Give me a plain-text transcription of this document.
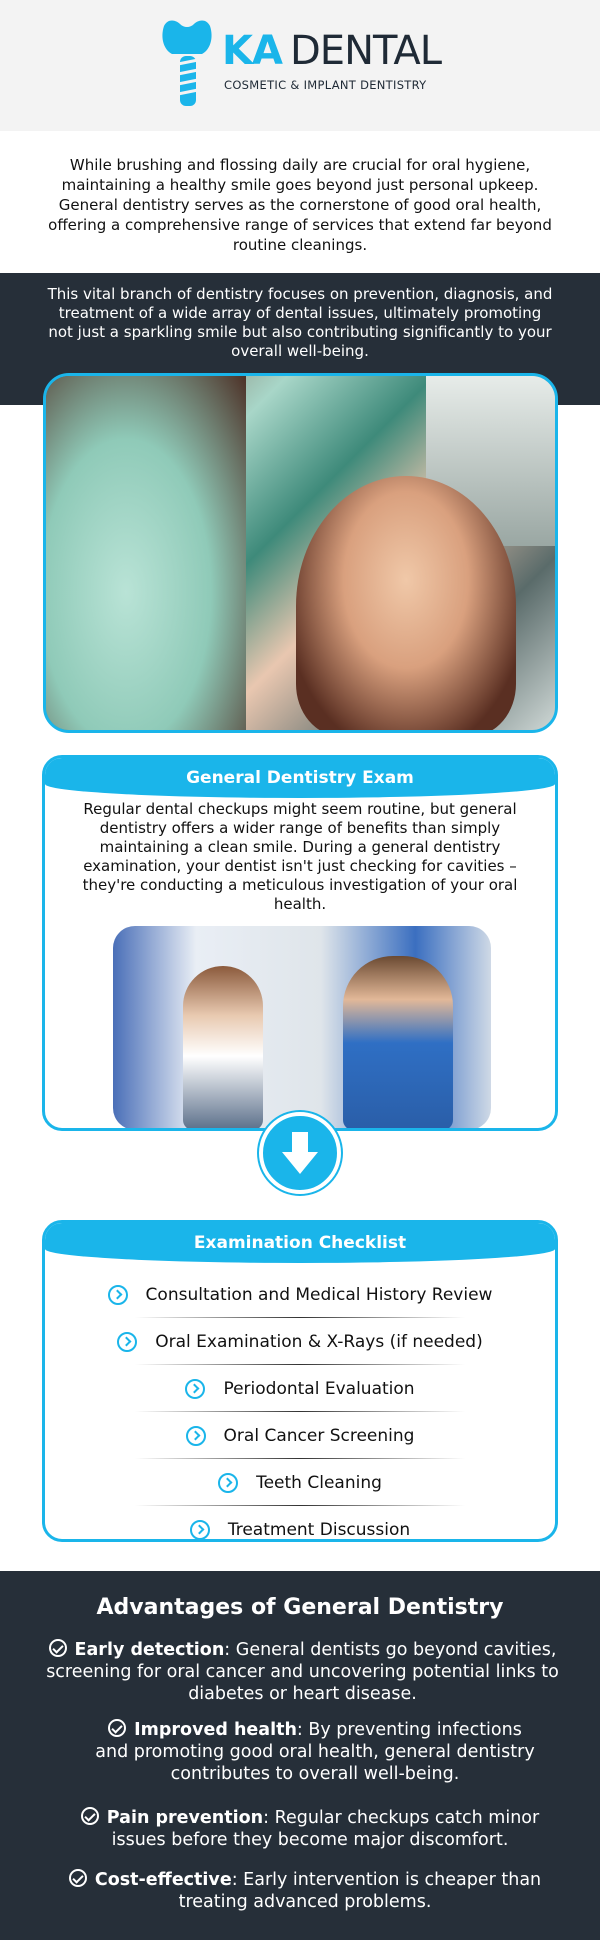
KA DENTAL
COSMETIC & IMPLANT DENTISTRY

While brushing and flossing daily are crucial for oral hygiene, maintaining a healthy smile goes beyond just personal upkeep. General dentistry serves as the cornerstone of good oral health, offering a comprehensive range of services that extend far beyond routine cleanings.

This vital branch of dentistry focuses on prevention, diagnosis, and treatment of a wide array of dental issues, ultimately promoting not just a sparkling smile but also contributing significantly to your overall well-being.

General Dentistry Exam

Regular dental checkups might seem routine, but general dentistry offers a wider range of benefits than simply maintaining a clean smile. During a general dentistry examination, your dentist isn't just checking for cavities – they're conducting a meticulous investigation of your oral health.

Examination Checklist
Consultation and Medical History Review
Oral Examination & X-Rays (if needed)
Periodontal Evaluation
Oral Cancer Screening
Teeth Cleaning
Treatment Discussion
Advantages of General Dentistry

Early detection: General dentists go beyond cavities, screening for oral cancer and uncovering potential links to diabetes or heart disease.

Improved health: By preventing infections and promoting good oral health, general dentistry contributes to overall well-being.

Pain prevention: Regular checkups catch minor issues before they become major discomfort.

Cost-effective: Early intervention is cheaper than treating advanced problems.
